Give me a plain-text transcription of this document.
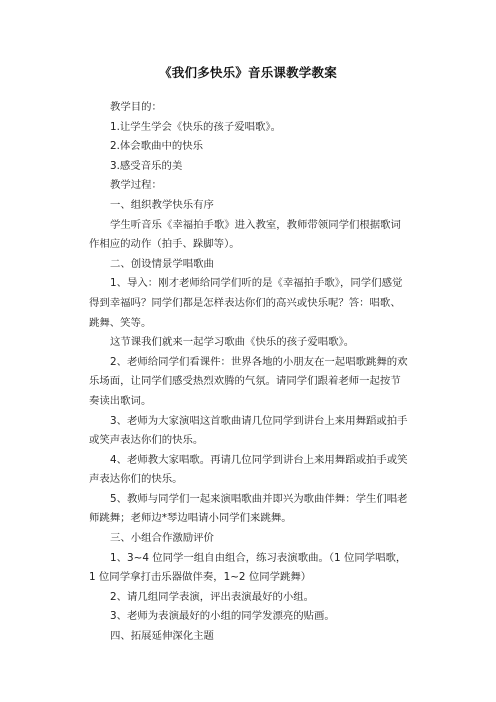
《我们多快乐》音乐课教学教案

教学目的：

1.让学生学会《快乐的孩子爱唱歌》。

2.体会歌曲中的快乐

3.感受音乐的美

教学过程：

一、组织教学快乐有序

学生听音乐《幸福拍手歌》进入教室，教师带领同学们根据歌词作相应的动作（拍手、跺脚等）。

二、创设情景学唱歌曲

1、导入：刚才老师给同学们听的是《幸福拍手歌》，同学们感觉得到幸福吗？同学们都是怎样表达你们的高兴或快乐呢？答：唱歌、跳舞、笑等。

这节课我们就来一起学习歌曲《快乐的孩子爱唱歌》。

2、老师给同学们看课件：世界各地的小朋友在一起唱歌跳舞的欢乐场面，让同学们感受热烈欢腾的气氛。请同学们跟着老师一起按节奏读出歌词。

3、老师为大家演唱这首歌曲请几位同学到讲台上来用舞蹈或拍手或笑声表达你们的快乐。

4、老师教大家唱歌。再请几位同学到讲台上来用舞蹈或拍手或笑声表达你们的快乐。

5、教师与同学们一起来演唱歌曲并即兴为歌曲伴舞：学生们唱老师跳舞；老师边*琴边唱请小同学们来跳舞。

三、小组合作激励评价

1、3~4 位同学一组自由组合，练习表演歌曲。（1 位同学唱歌，1 位同学拿打击乐器做伴奏，1~2 位同学跳舞）

2、请几组同学表演，评出表演最好的小组。

3、老师为表演最好的小组的同学发漂亮的贴画。

四、拓展延伸深化主题
